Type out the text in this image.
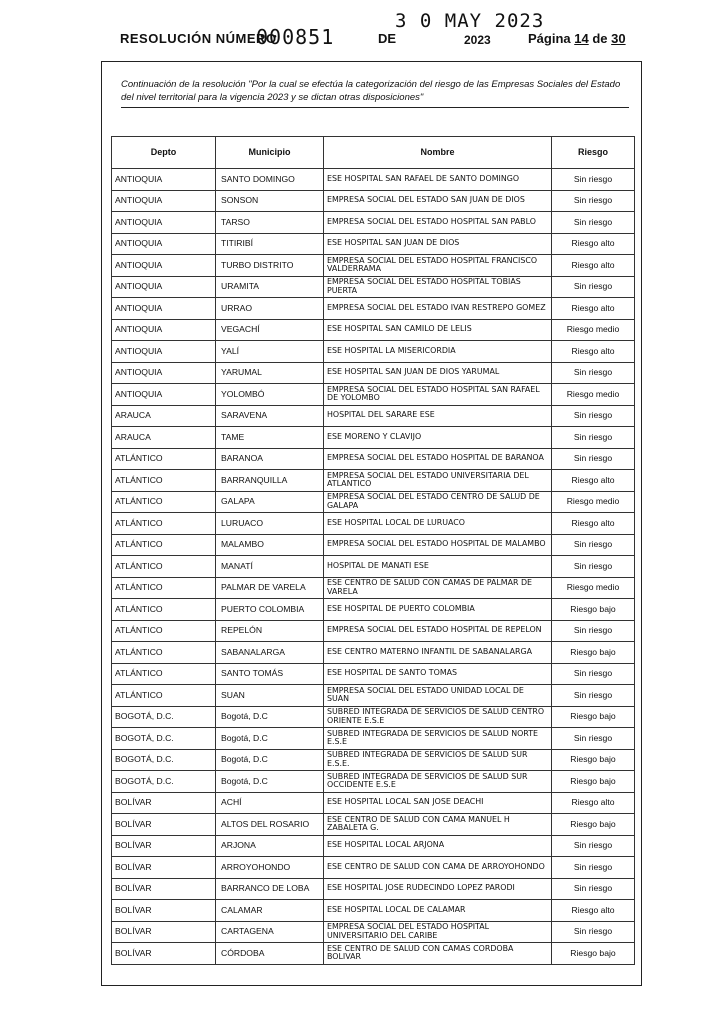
RESOLUCIÓN NÚMERO
000851	DE
3 0 MAY 2023
2023	Página 14 de 30
Continuación de la resolución "Por la cual se efectúa la categorización del riesgo de las Empresas Sociales del Estado del nivel territorial para la vigencia 2023 y se dictan otras disposiciones"
Depto	Municipio	Nombre	Riesgo
ANTIOQUIA	SANTO DOMINGO	ESE HOSPITAL SAN RAFAEL DE SANTO DOMINGO	Sin riesgo
ANTIOQUIA	SONSON	EMPRESA SOCIAL DEL ESTADO SAN JUAN DE DIOS	Sin riesgo
ANTIOQUIA	TARSO	EMPRESA SOCIAL DEL ESTADO HOSPITAL SAN PABLO	Sin riesgo
ANTIOQUIA	TITIRIBÍ	ESE HOSPITAL SAN JUAN DE DIOS	Riesgo alto
ANTIOQUIA	TURBO DISTRITO	EMPRESA SOCIAL DEL ESTADO HOSPITAL FRANCISCO VALDERRAMA	Riesgo alto
ANTIOQUIA	URAMITA	EMPRESA SOCIAL DEL ESTADO HOSPITAL TOBIAS PUERTA	Sin riesgo
ANTIOQUIA	URRAO	EMPRESA SOCIAL DEL ESTADO IVAN RESTREPO GOMEZ	Riesgo alto
ANTIOQUIA	VEGACHÍ	ESE HOSPITAL SAN CAMILO DE LELIS	Riesgo medio
ANTIOQUIA	YALÍ	ESE HOSPITAL LA MISERICORDIA	Riesgo alto
ANTIOQUIA	YARUMAL	ESE HOSPITAL SAN JUAN DE DIOS YARUMAL	Sin riesgo
ANTIOQUIA	YOLOMBÓ	EMPRESA SOCIAL DEL ESTADO HOSPITAL SAN RAFAEL DE YOLOMBO	Riesgo medio
ARAUCA	SARAVENA	HOSPITAL DEL SARARE ESE	Sin riesgo
ARAUCA	TAME	ESE MORENO Y CLAVIJO	Sin riesgo
ATLÁNTICO	BARANOA	EMPRESA SOCIAL DEL ESTADO HOSPITAL DE BARANOA	Sin riesgo
ATLÁNTICO	BARRANQUILLA	EMPRESA SOCIAL DEL ESTADO UNIVERSITARIA DEL ATLANTICO	Riesgo alto
ATLÁNTICO	GALAPA	EMPRESA SOCIAL DEL ESTADO CENTRO DE SALUD DE GALAPA	Riesgo medio
ATLÁNTICO	LURUACO	ESE HOSPITAL LOCAL DE LURUACO	Riesgo alto
ATLÁNTICO	MALAMBO	EMPRESA SOCIAL DEL ESTADO HOSPITAL DE MALAMBO	Sin riesgo
ATLÁNTICO	MANATÍ	HOSPITAL DE MANATI ESE	Sin riesgo
ATLÁNTICO	PALMAR DE VARELA	ESE CENTRO DE SALUD CON CAMAS DE PALMAR DE VARELA	Riesgo medio
ATLÁNTICO	PUERTO COLOMBIA	ESE HOSPITAL DE PUERTO COLOMBIA	Riesgo bajo
ATLÁNTICO	REPELÓN	EMPRESA SOCIAL DEL ESTADO HOSPITAL DE REPELON	Sin riesgo
ATLÁNTICO	SABANALARGA	ESE CENTRO MATERNO INFANTIL DE SABANALARGA	Riesgo bajo
ATLÁNTICO	SANTO TOMÁS	ESE HOSPITAL DE SANTO TOMAS	Sin riesgo
ATLÁNTICO	SUAN	EMPRESA SOCIAL DEL ESTADO UNIDAD LOCAL DE SUAN	Sin riesgo
BOGOTÁ, D.C.	Bogotá, D.C	SUBRED INTEGRADA DE SERVICIOS DE SALUD CENTRO ORIENTE E.S.E	Riesgo bajo
BOGOTÁ, D.C.	Bogotá, D.C	SUBRED INTEGRADA DE SERVICIOS DE SALUD NORTE E.S.E	Sin riesgo
BOGOTÁ, D.C.	Bogotá, D.C	SUBRED INTEGRADA DE SERVICIOS DE SALUD SUR E.S.E.	Riesgo bajo
BOGOTÁ, D.C.	Bogotá, D.C	SUBRED INTEGRADA DE SERVICIOS DE SALUD SUR OCCIDENTE E.S.E	Riesgo bajo
BOLÍVAR	ACHÍ	ESE HOSPITAL LOCAL SAN JOSE DEACHI	Riesgo alto
BOLÍVAR	ALTOS DEL ROSARIO	ESE CENTRO DE SALUD CON CAMA MANUEL H ZABALETA G.	Riesgo bajo
BOLÍVAR	ARJONA	ESE HOSPITAL LOCAL ARJONA	Sin riesgo
BOLÍVAR	ARROYOHONDO	ESE CENTRO DE SALUD CON CAMA DE ARROYOHONDO	Sin riesgo
BOLÍVAR	BARRANCO DE LOBA	ESE HOSPITAL JOSE RUDECINDO LOPEZ PARODI	Sin riesgo
BOLÍVAR	CALAMAR	ESE HOSPITAL LOCAL DE CALAMAR	Riesgo alto
BOLÍVAR	CARTAGENA	EMPRESA SOCIAL DEL ESTADO HOSPITAL UNIVERSITARIO DEL CARIBE	Sin riesgo
BOLÍVAR	CÓRDOBA	ESE CENTRO DE SALUD CON CAMAS CORDOBA BOLIVAR	Riesgo bajo
